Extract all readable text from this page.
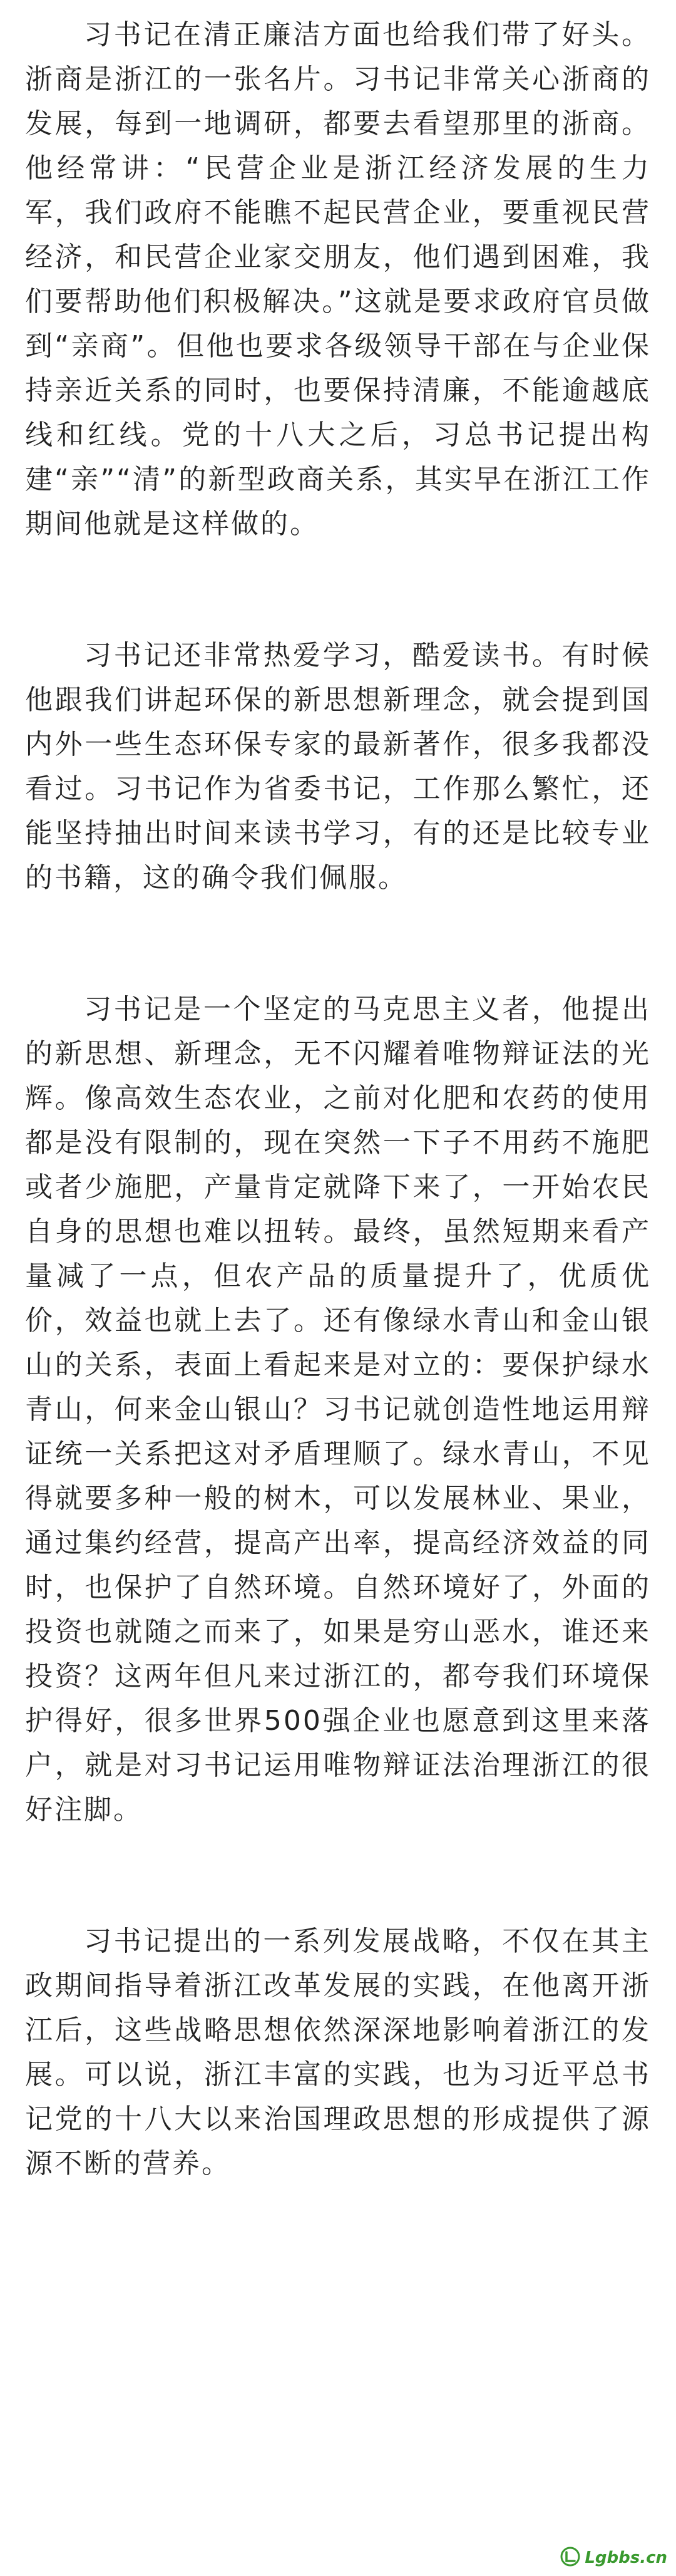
习书记在清正廉洁方面也给我们带了好头。浙商是浙江的一张名片。习书记非常关心浙商的发展，每到一地调研，都要去看望那里的浙商。他经常讲：“民营企业是浙江经济发展的生力军，我们政府不能瞧不起民营企业，要重视民营经济，和民营企业家交朋友，他们遇到困难，我们要帮助他们积极解决。”这就是要求政府官员做到“亲商”。但他也要求各级领导干部在与企业保持亲近关系的同时，也要保持清廉，不能逾越底线和红线。党的十八大之后，习总书记提出构建“亲”“清”的新型政商关系，其实早在浙江工作期间他就是这样做的。

习书记还非常热爱学习，酷爱读书。有时候他跟我们讲起环保的新思想新理念，就会提到国内外一些生态环保专家的最新著作，很多我都没看过。习书记作为省委书记，工作那么繁忙，还能坚持抽出时间来读书学习，有的还是比较专业的书籍，这的确令我们佩服。

习书记是一个坚定的马克思主义者，他提出的新思想、新理念，无不闪耀着唯物辩证法的光辉。像高效生态农业，之前对化肥和农药的使用都是没有限制的，现在突然一下子不用药不施肥或者少施肥，产量肯定就降下来了，一开始农民自身的思想也难以扭转。最终，虽然短期来看产量减了一点，但农产品的质量提升了，优质优价，效益也就上去了。还有像绿水青山和金山银山的关系，表面上看起来是对立的：要保护绿水青山，何来金山银山？习书记就创造性地运用辩证统一关系把这对矛盾理顺了。绿水青山，不见得就要多种一般的树木，可以发展林业、果业，通过集约经营，提高产出率，提高经济效益的同时，也保护了自然环境。自然环境好了，外面的投资也就随之而来了，如果是穷山恶水，谁还来投资？这两年但凡来过浙江的，都夸我们环境保护得好，很多世界500强企业也愿意到这里来落户，就是对习书记运用唯物辩证法治理浙江的很好注脚。

习书记提出的一系列发展战略，不仅在其主政期间指导着浙江改革发展的实践，在他离开浙江后，这些战略思想依然深深地影响着浙江的发展。可以说，浙江丰富的实践，也为习近平总书记党的十八大以来治国理政思想的形成提供了源源不断的营养。

Lgbbs.cn
